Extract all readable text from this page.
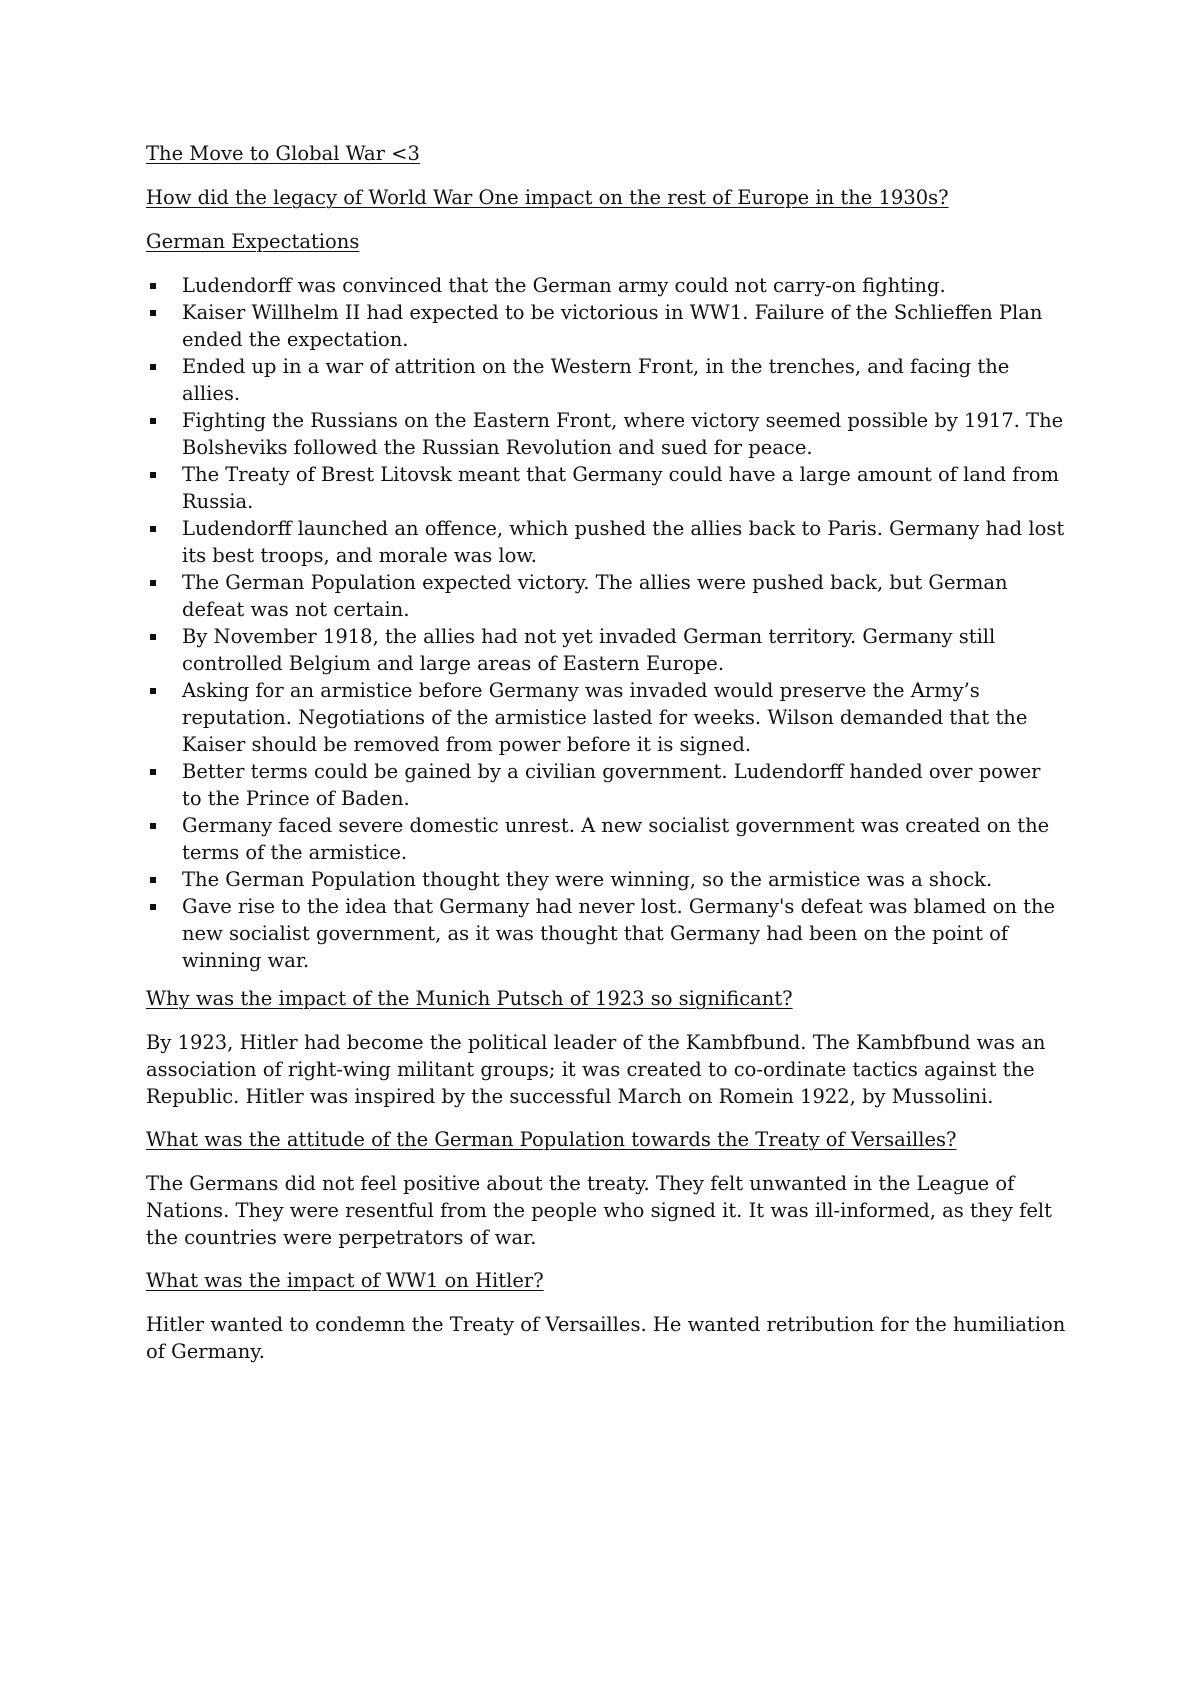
The Move to Global War <3
How did the legacy of World War One impact on the rest of Europe in the 1930s?
German Expectations
Ludendorff was convinced that the German army could not carry-on fighting.
Kaiser Willhelm II had expected to be victorious in WW1. Failure of the Schlieffen Plan ended the expectation.
Ended up in a war of attrition on the Western Front, in the trenches, and facing the allies.
Fighting the Russians on the Eastern Front, where victory seemed possible by 1917. The Bolsheviks followed the Russian Revolution and sued for peace.
The Treaty of Brest Litovsk meant that Germany could have a large amount of land from Russia.
Ludendorff launched an offence, which pushed the allies back to Paris. Germany had lost its best troops, and morale was low.
The German Population expected victory. The allies were pushed back, but German defeat was not certain.
By November 1918, the allies had not yet invaded German territory. Germany still controlled Belgium and large areas of Eastern Europe.
Asking for an armistice before Germany was invaded would preserve the Army’s reputation. Negotiations of the armistice lasted for weeks. Wilson demanded that the Kaiser should be removed from power before it is signed.
Better terms could be gained by a civilian government. Ludendorff handed over power to the Prince of Baden.
Germany faced severe domestic unrest. A new socialist government was created on the terms of the armistice.
The German Population thought they were winning, so the armistice was a shock.
Gave rise to the idea that Germany had never lost. Germany's defeat was blamed on the new socialist government, as it was thought that Germany had been on the point of winning war.
Why was the impact of the Munich Putsch of 1923 so significant?

By 1923, Hitler had become the political leader of the Kambfbund. The Kambfbund was an association of right-wing militant groups; it was created to co-ordinate tactics against the Republic. Hitler was inspired by the successful March on Romein 1922, by Mussolini.

What was the attitude of the German Population towards the Treaty of Versailles?

The Germans did not feel positive about the treaty. They felt unwanted in the League of Nations. They were resentful from the people who signed it. It was ill-informed, as they felt the countries were perpetrators of war.

What was the impact of WW1 on Hitler?

Hitler wanted to condemn the Treaty of Versailles. He wanted retribution for the humiliation of Germany.
